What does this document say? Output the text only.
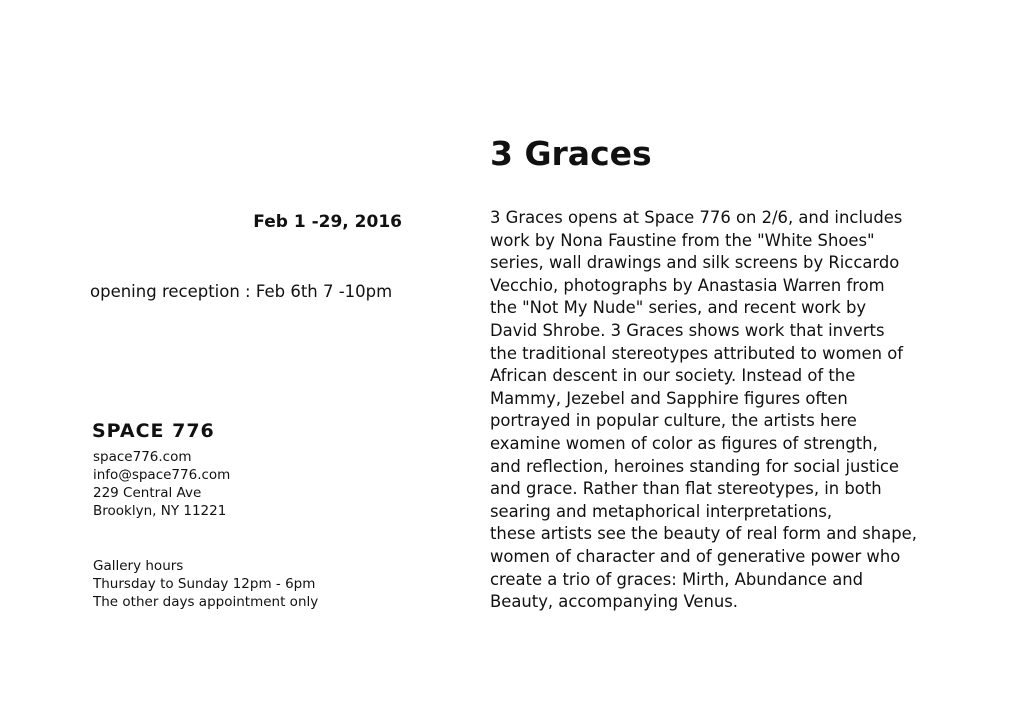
Feb 1 -29, 2016

opening reception : Feb 6th 7 -10pm

SPACE 776

space776.com
info@space776.com
229 Central Ave
Brooklyn, NY 11221
Gallery hours
Thursday to Sunday 12pm - 6pm
The other days appointment only
3 Graces
3 Graces opens at Space 776 on 2/6, and includes
work by Nona Faustine from the "White Shoes"
series, wall drawings and silk screens by Riccardo
Vecchio, photographs by Anastasia Warren from
the "Not My Nude" series, and recent work by
David Shrobe. 3 Graces shows work that inverts
the traditional stereotypes attributed to women of
African descent in our society. Instead of the
Mammy, Jezebel and Sapphire figures often
portrayed in popular culture, the artists here
examine women of color as figures of strength,
and reflection, heroines standing for social justice
and grace. Rather than flat stereotypes, in both
searing and metaphorical interpretations,
these artists see the beauty of real form and shape,
women of character and of generative power who
create a trio of graces: Mirth, Abundance and
Beauty, accompanying Venus.
